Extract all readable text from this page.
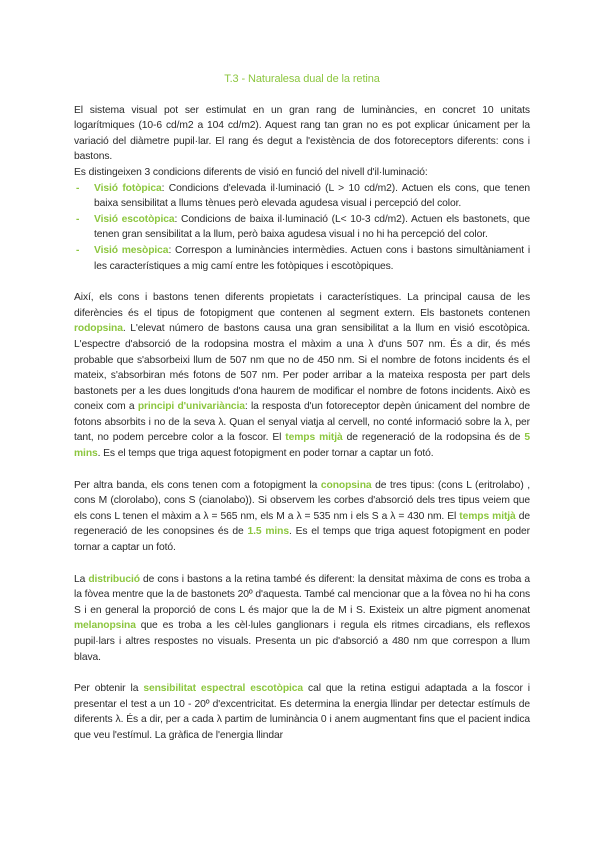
T.3 - Naturalesa dual de la retina

El sistema visual pot ser estimulat en un gran rang de luminàncies, en concret 10 unitats logarítmiques (10-6 cd/m2 a 104 cd/m2). Aquest rang tan gran no es pot explicar únicament per la variació del diàmetre pupil·lar. El rang és degut a l'existència de dos fotoreceptors diferents: cons i bastons.

Es distingeixen 3 condicions diferents de visió en funció del nivell d'il·luminació:

- Visió fotòpica: Condicions d'elevada il·luminació (L > 10 cd/m2). Actuen els cons, que tenen baixa sensibilitat a llums tènues però elevada agudesa visual i percepció del color.
- Visió escotòpica: Condicions de baixa il·luminació (L< 10-3 cd/m2). Actuen els bastonets, que tenen gran sensibilitat a la llum, però baixa agudesa visual i no hi ha percepció del color.
- Visió mesòpica: Correspon a luminàncies intermèdies. Actuen cons i bastons simultàniament i les característiques a mig camí entre les fotòpiques i escotòpiques.

Així, els cons i bastons tenen diferents propietats i característiques. La principal causa de les diferències és el tipus de fotopigment que contenen al segment extern. Els bastonets contenen rodopsina. L'elevat número de bastons causa una gran sensibilitat a la llum en visió escotòpica. L'espectre d'absorció de la rodopsina mostra el màxim a una λ d'uns 507 nm. És a dir, és més probable que s'absorbeixi llum de 507 nm que no de 450 nm. Si el nombre de fotons incidents és el mateix, s'absorbiran més fotons de 507 nm. Per poder arribar a la mateixa resposta per part dels bastonets per a les dues longituds d'ona haurem de modificar el nombre de fotons incidents. Això es coneix com a principi d'univariància: la resposta d'un fotoreceptor depèn únicament del nombre de fotons absorbits i no de la seva λ. Quan el senyal viatja al cervell, no conté informació sobre la λ, per tant, no podem percebre color a la foscor. El temps mitjà de regeneració de la rodopsina és de 5 mins. Es el temps que triga aquest fotopigment en poder tornar a captar un fotó.

Per altra banda, els cons tenen com a fotopigment la conopsina de tres tipus: (cons L (eritrolabo) , cons M (clorolabo), cons S (cianolabo)). Si observem les corbes d'absorció dels tres tipus veiem que els cons L tenen el màxim a λ = 565 nm, els M a λ = 535 nm i els S a λ = 430 nm. El temps mitjà de regeneració de les conopsines és de 1.5 mins. Es el temps que triga aquest fotopigment en poder tornar a captar un fotó.

La distribució de cons i bastons a la retina també és diferent: la densitat màxima de cons es troba a la fòvea mentre que la de bastonets 20º d'aquesta. També cal mencionar que a la fòvea no hi ha cons S i en general la proporció de cons L és major que la de M i S. Existeix un altre pigment anomenat melanopsina que es troba a les cèl·lules ganglionars i regula els ritmes circadians, els reflexos pupil·lars i altres respostes no visuals. Presenta un pic d'absorció a 480 nm que correspon a llum blava.

Per obtenir la sensibilitat espectral escotòpica cal que la retina estigui adaptada a la foscor i presentar el test a un 10 - 20º d'excentricitat. Es determina la energia llindar per detectar estímuls de diferents λ. És a dir, per a cada λ partim de luminància 0 i anem augmentant fins que el pacient indica que veu l'estímul. La gràfica de l'energia llindar
